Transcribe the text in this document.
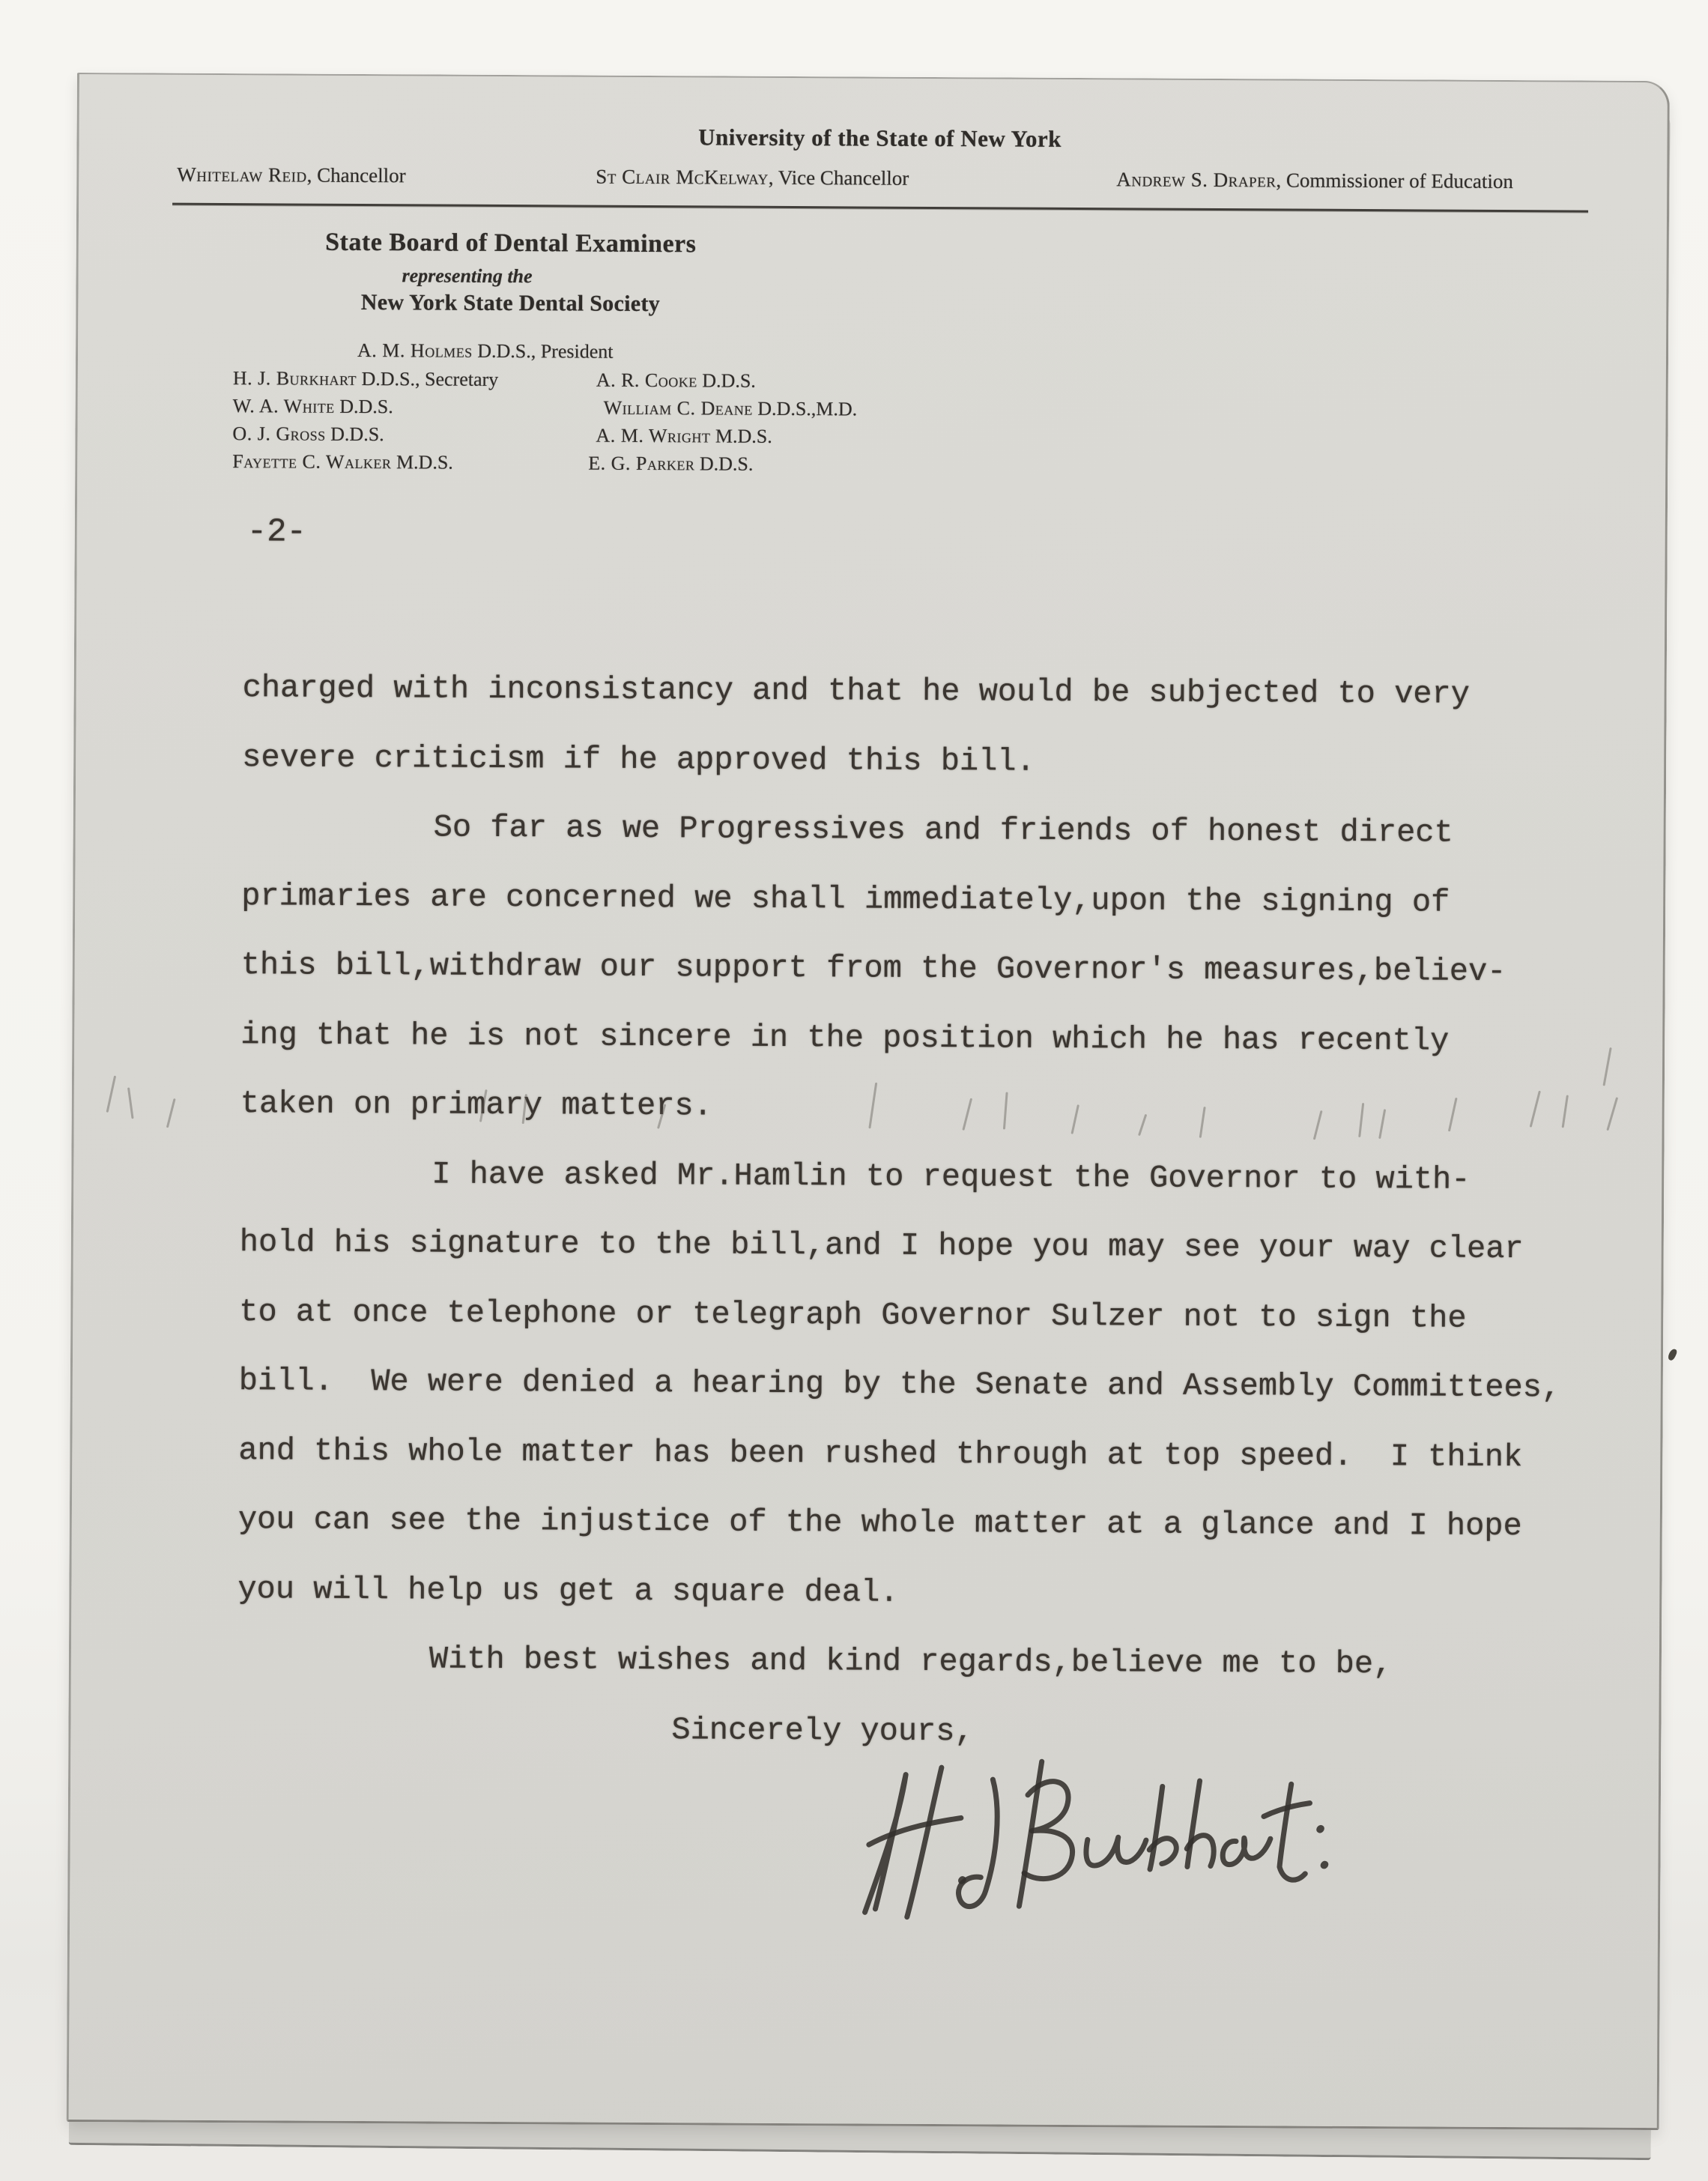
University of the State of New York
Whitelaw Reid, Chancellor	St Clair McKelway, Vice Chancellor	Andrew S. Draper, Commissioner of Education
State Board of Dental Examiners
representing the
New York State Dental Society
A. M. Holmes D.D.S., President
H. J. Burkhart D.D.S., Secretary	A. R. Cooke D.D.S.
W. A. White D.D.S.	William C. Deane D.D.S.,M.D.
O. J. Gross D.D.S.	A. M. Wright M.D.S.
Fayette C. Walker M.D.S.	E. G. Parker D.D.S.
-2-
charged with inconsistancy and that he would be subjected to very
severe criticism if he approved this bill.
So far as we Progressives and friends of honest direct
primaries are concerned we shall immediately,upon the signing of
this bill,withdraw our support from the Governor's measures,believ-
ing that he is not sincere in the position which he has recently
taken on primary matters.
I have asked Mr.Hamlin to request the Governor to with-
hold his signature to the bill,and I hope you may see your way clear
to at once telephone or telegraph Governor Sulzer not to sign the
bill.  We were denied a hearing by the Senate and Assembly Committees,
and this whole matter has been rushed through at top speed.  I think
you can see the injustice of the whole matter at a glance and I hope
you will help us get a square deal.
With best wishes and kind regards,believe me to be,
Sincerely yours,
